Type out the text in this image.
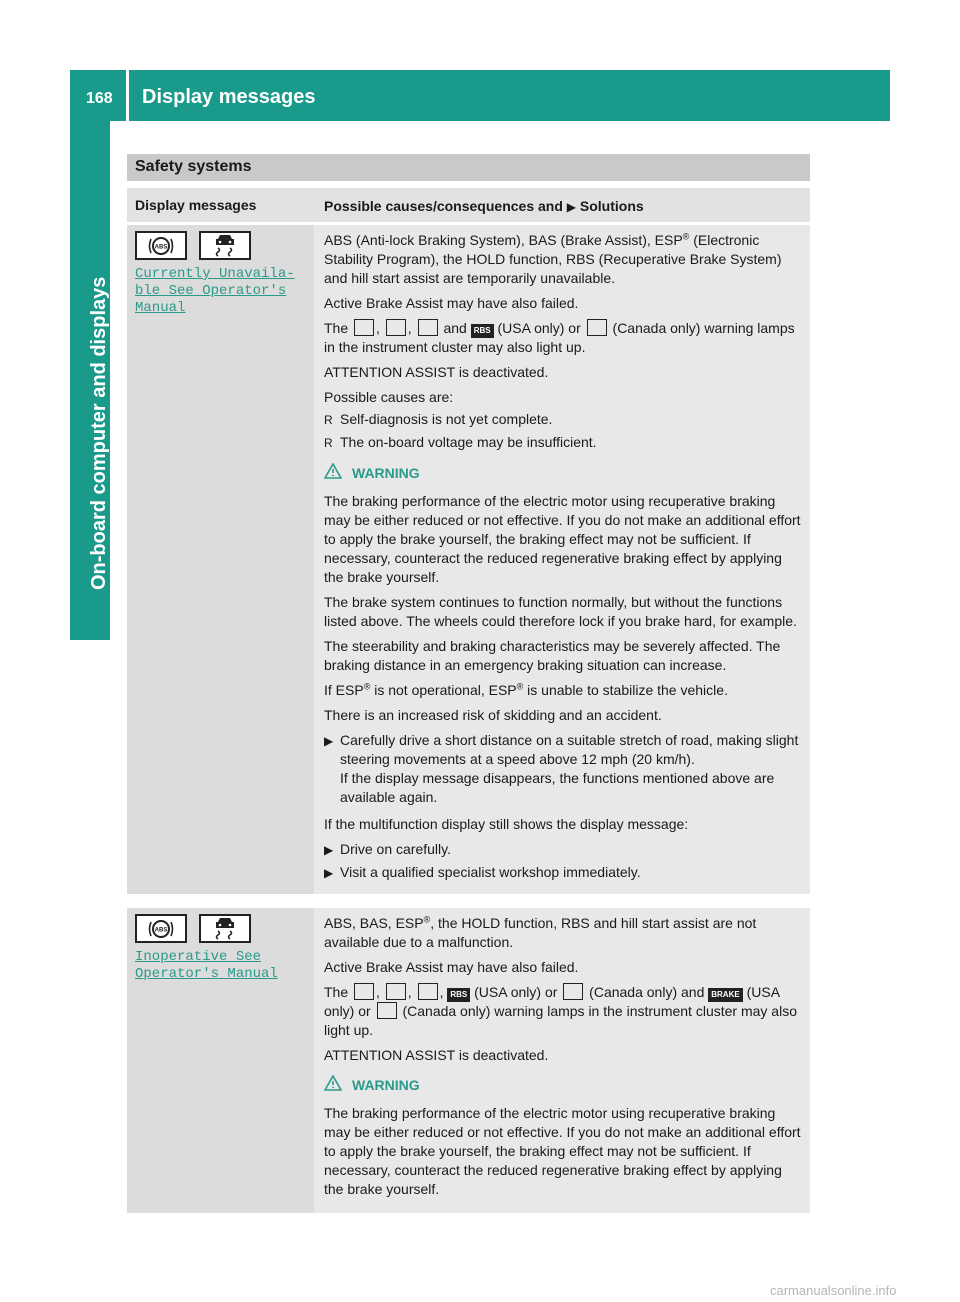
168 Display messages
On-board computer and displays
Safety systems
Display messages	Possible causes/consequences and ▶ Solutions
ABS
Currently Unavaila‑
ble See Operator's
Manual

ABS (Anti-lock Braking System), BAS (Brake Assist), ESP® (Electronic Stability Program), the HOLD function, RBS (Recuperative Brake System) and hill start assist are temporarily unavailable.

Active Brake Assist may have also failed.

The , ,  and RBS (USA only) or (Canada only) warning lamps in the instrument cluster may also light up.

ATTENTION ASSIST is deactivated.

Possible causes are:

R Self-diagnosis is not yet complete.
R The on-board voltage may be insufficient.
WARNING

The braking performance of the electric motor using recuperative braking may be either reduced or not effective. If you do not make an additional effort to apply the brake yourself, the braking effect may not be sufficient. If necessary, counteract the reduced regenerative braking effect by applying the brake yourself.

The brake system continues to function normally, but without the functions listed above. The wheels could therefore lock if you brake hard, for example.

The steerability and braking characteristics may be severely affected. The braking distance in an emergency braking situation can increase.

If ESP® is not operational, ESP® is unable to stabilize the vehicle.

There is an increased risk of skidding and an accident.

▶ Carefully drive a short distance on a suitable stretch of road, making slight steering movements at a speed above 12 mph (20 km/h).
If the display message disappears, the functions mentioned above are available again.

If the multifunction display still shows the display message:

▶ Drive on carefully.
▶ Visit a qualified specialist workshop immediately.
ABS
Inoperative See
Operator's Manual

ABS, BAS, ESP®, the HOLD function, RBS and hill start assist are not available due to a malfunction.

Active Brake Assist may have also failed.

The , , , RBS (USA only) or (Canada only) and BRAKE (USA only) or (Canada only) warning lamps in the instrument cluster may also light up.

ATTENTION ASSIST is deactivated.

WARNING

The braking performance of the electric motor using recuperative braking may be either reduced or not effective. If you do not make an additional effort to apply the brake yourself, the braking effect may not be sufficient. If necessary, counteract the reduced regenerative braking effect by applying the brake yourself.

carmanualsonline.info
